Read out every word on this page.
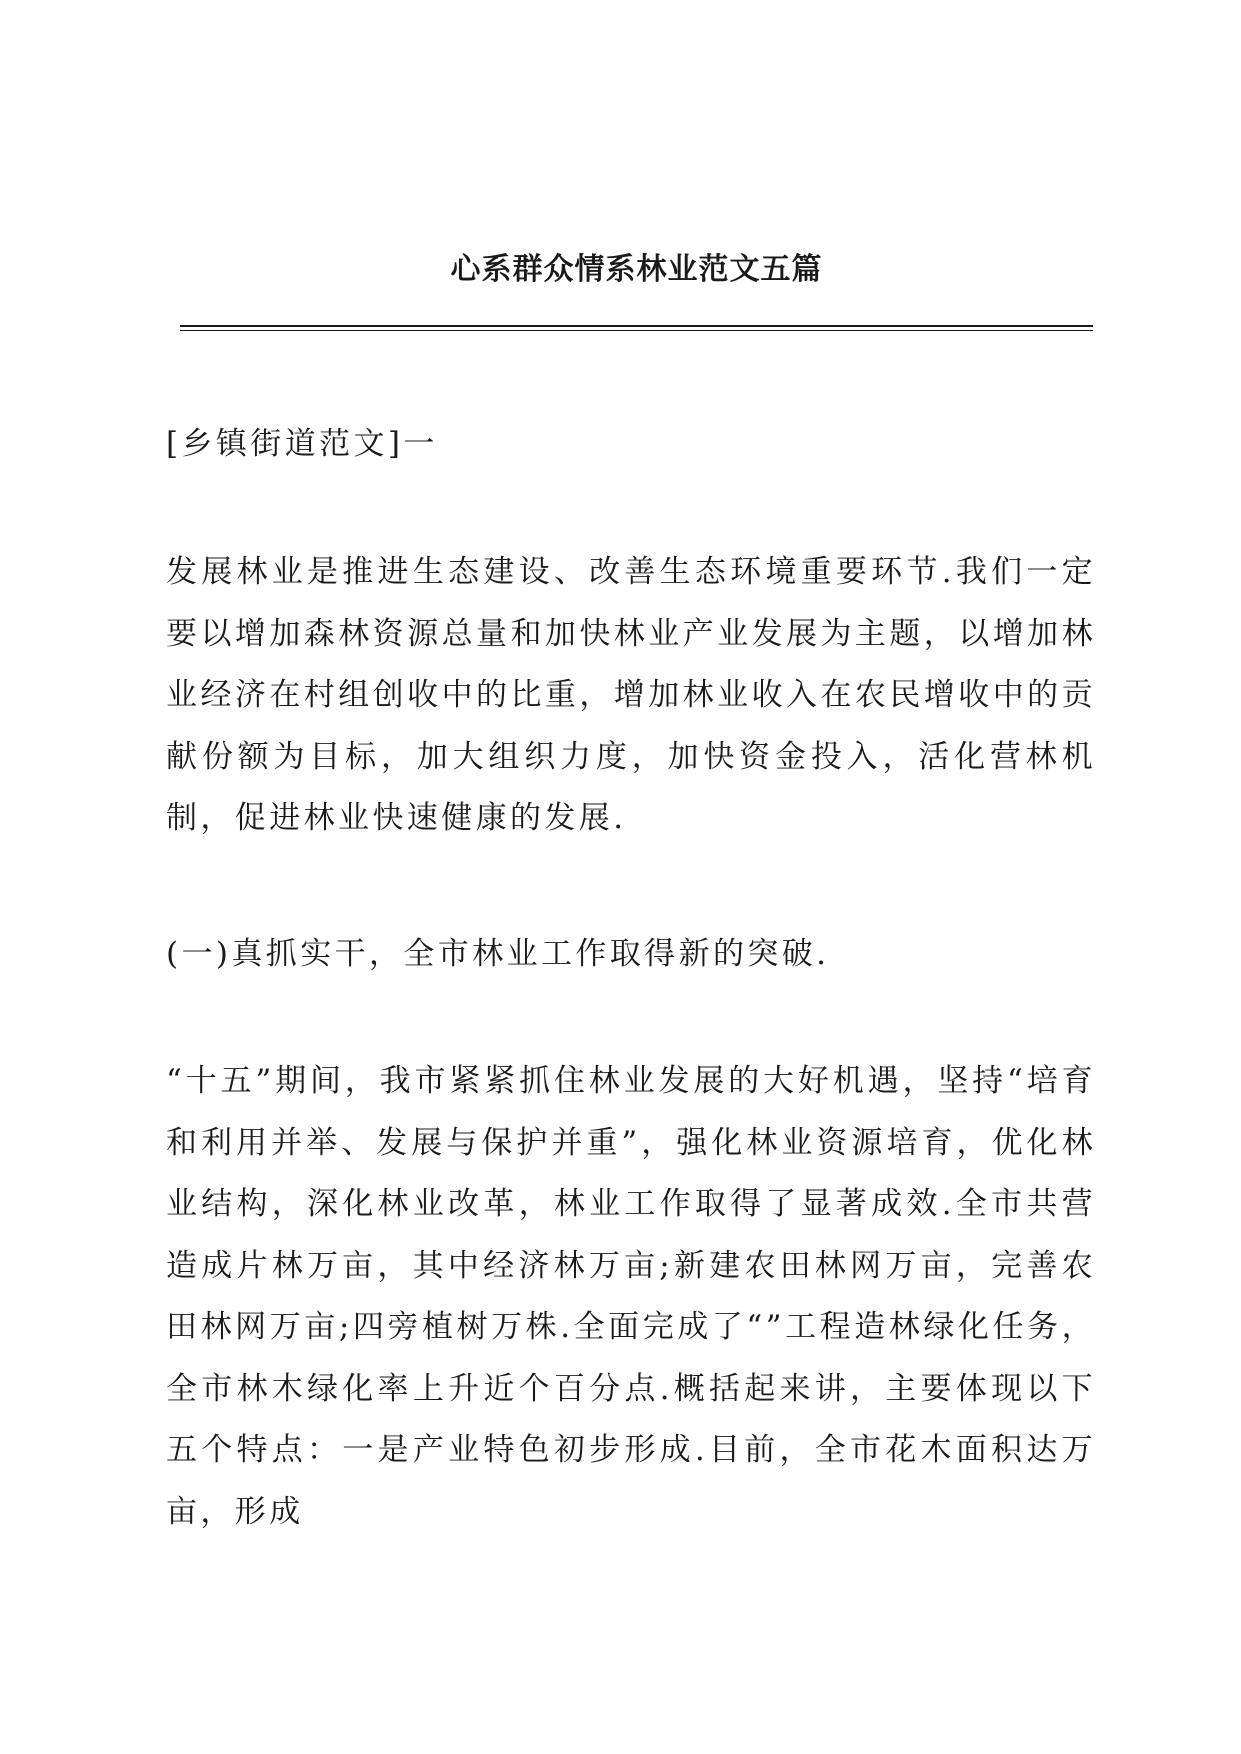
心系群众情系林业范文五篇

[乡镇街道范文]一

发展林业是推进生态建设、改善生态环境重要环节.我们一定要以增加森林资源总量和加快林业产业发展为主题，以增加林业经济在村组创收中的比重，增加林业收入在农民增收中的贡献份额为目标，加大组织力度，加快资金投入，活化营林机制，促进林业快速健康的发展.

(一)真抓实干，全市林业工作取得新的突破.

“十五”期间，我市紧紧抓住林业发展的大好机遇，坚持“培育和利用并举、发展与保护并重”，强化林业资源培育，优化林业结构，深化林业改革，林业工作取得了显著成效.全市共营造成片林万亩，其中经济林万亩;新建农田林网万亩，完善农田林网万亩;四旁植树万株.全面完成了“”工程造林绿化任务，全市林木绿化率上升近个百分点.概括起来讲，主要体现以下五个特点：一是产业特色初步形成.目前，全市花木面积达万亩，形成
